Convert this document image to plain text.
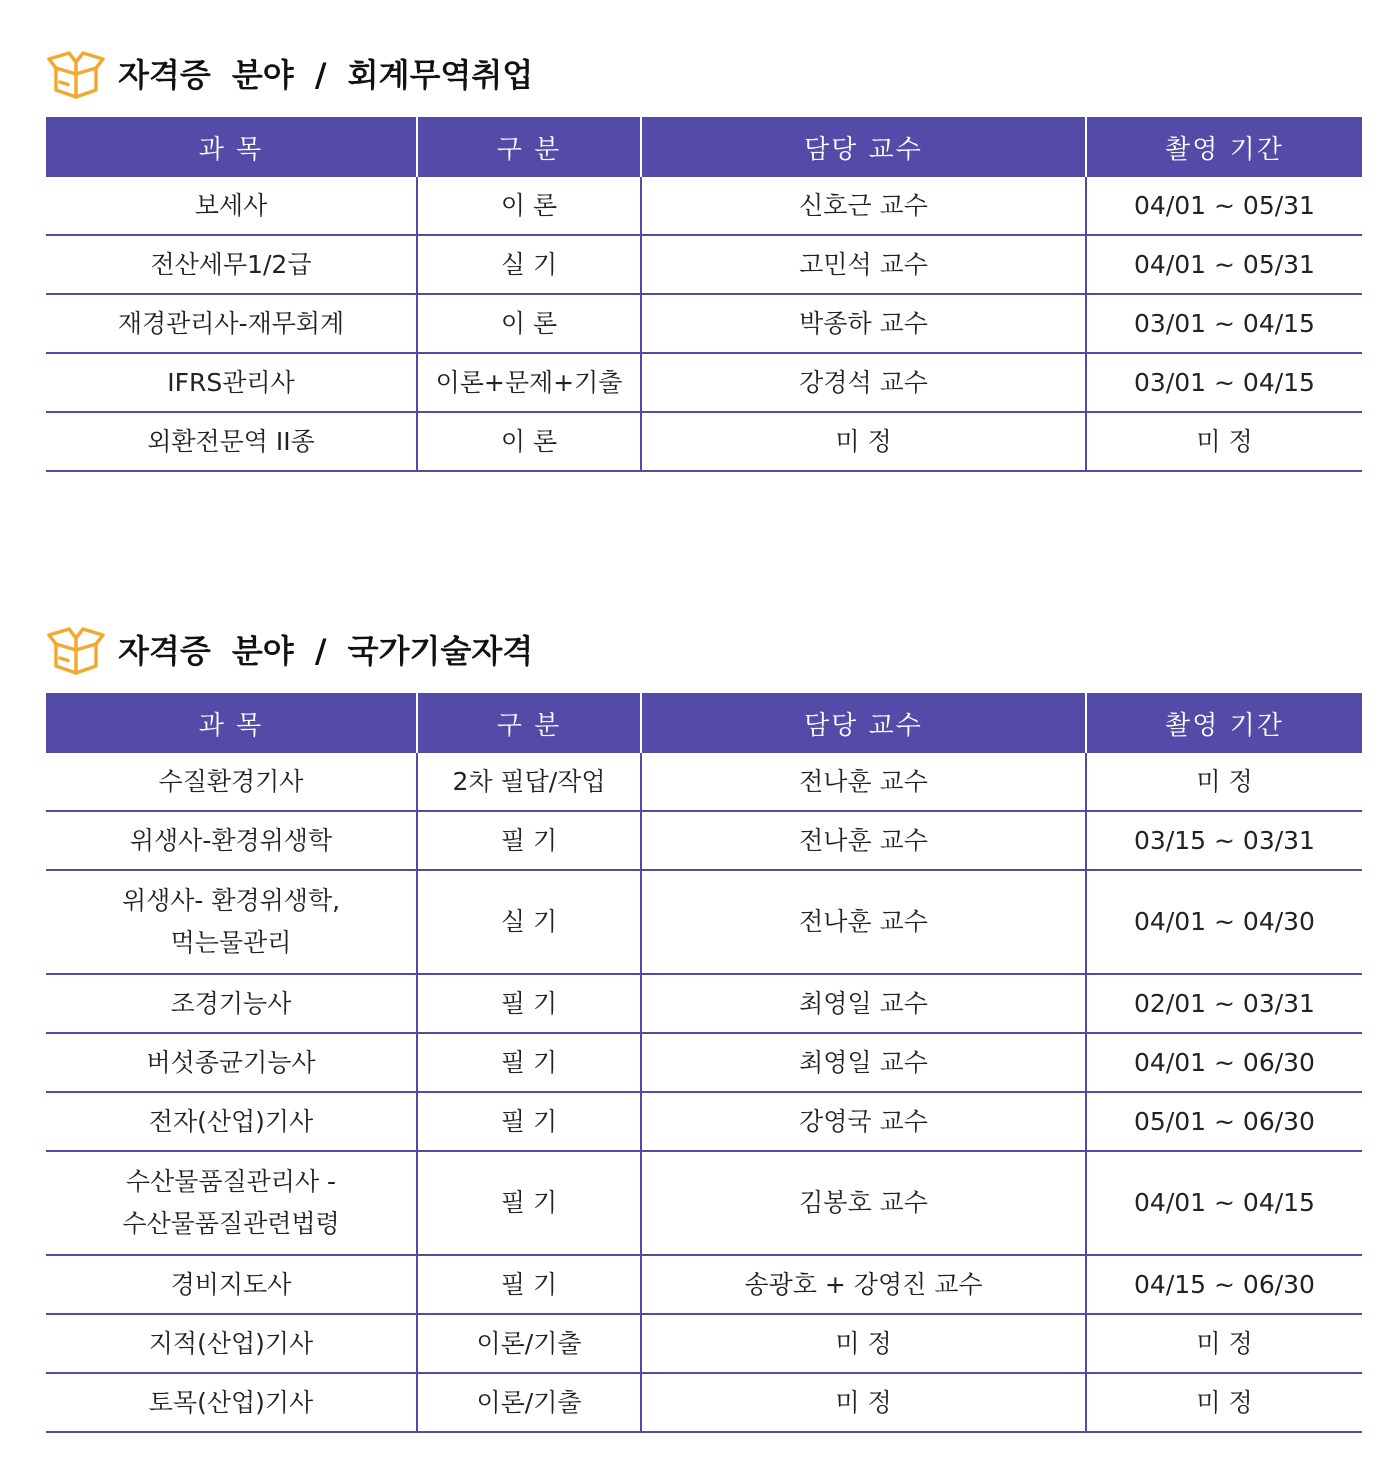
자격증 분야 / 회계무역취업
과 목	구 분	담당 교수	촬영 기간
보세사	이 론	신호근 교수	04/01 ~ 05/31
전산세무1/2급	실 기	고민석 교수	04/01 ~ 05/31
재경관리사-재무회계	이 론	박종하 교수	03/01 ~ 04/15
IFRS관리사	이론+문제+기출	강경석 교수	03/01 ~ 04/15
외환전문역 II종	이 론	미 정	미 정
자격증 분야 / 국가기술자격
과 목	구 분	담당 교수	촬영 기간
수질환경기사	2차 필답/작업	전나훈 교수	미 정
위생사-환경위생학	필 기	전나훈 교수	03/15 ~ 03/31
위생사- 환경위생학,
먹는물관리	실 기	전나훈 교수	04/01 ~ 04/30
조경기능사	필 기	최영일 교수	02/01 ~ 03/31
버섯종균기능사	필 기	최영일 교수	04/01 ~ 06/30
전자(산업)기사	필 기	강영국 교수	05/01 ~ 06/30
수산물품질관리사 -
수산물품질관련법령	필 기	김봉호 교수	04/01 ~ 04/15
경비지도사	필 기	송광호 + 강영진 교수	04/15 ~ 06/30
지적(산업)기사	이론/기출	미 정	미 정
토목(산업)기사	이론/기출	미 정	미 정
